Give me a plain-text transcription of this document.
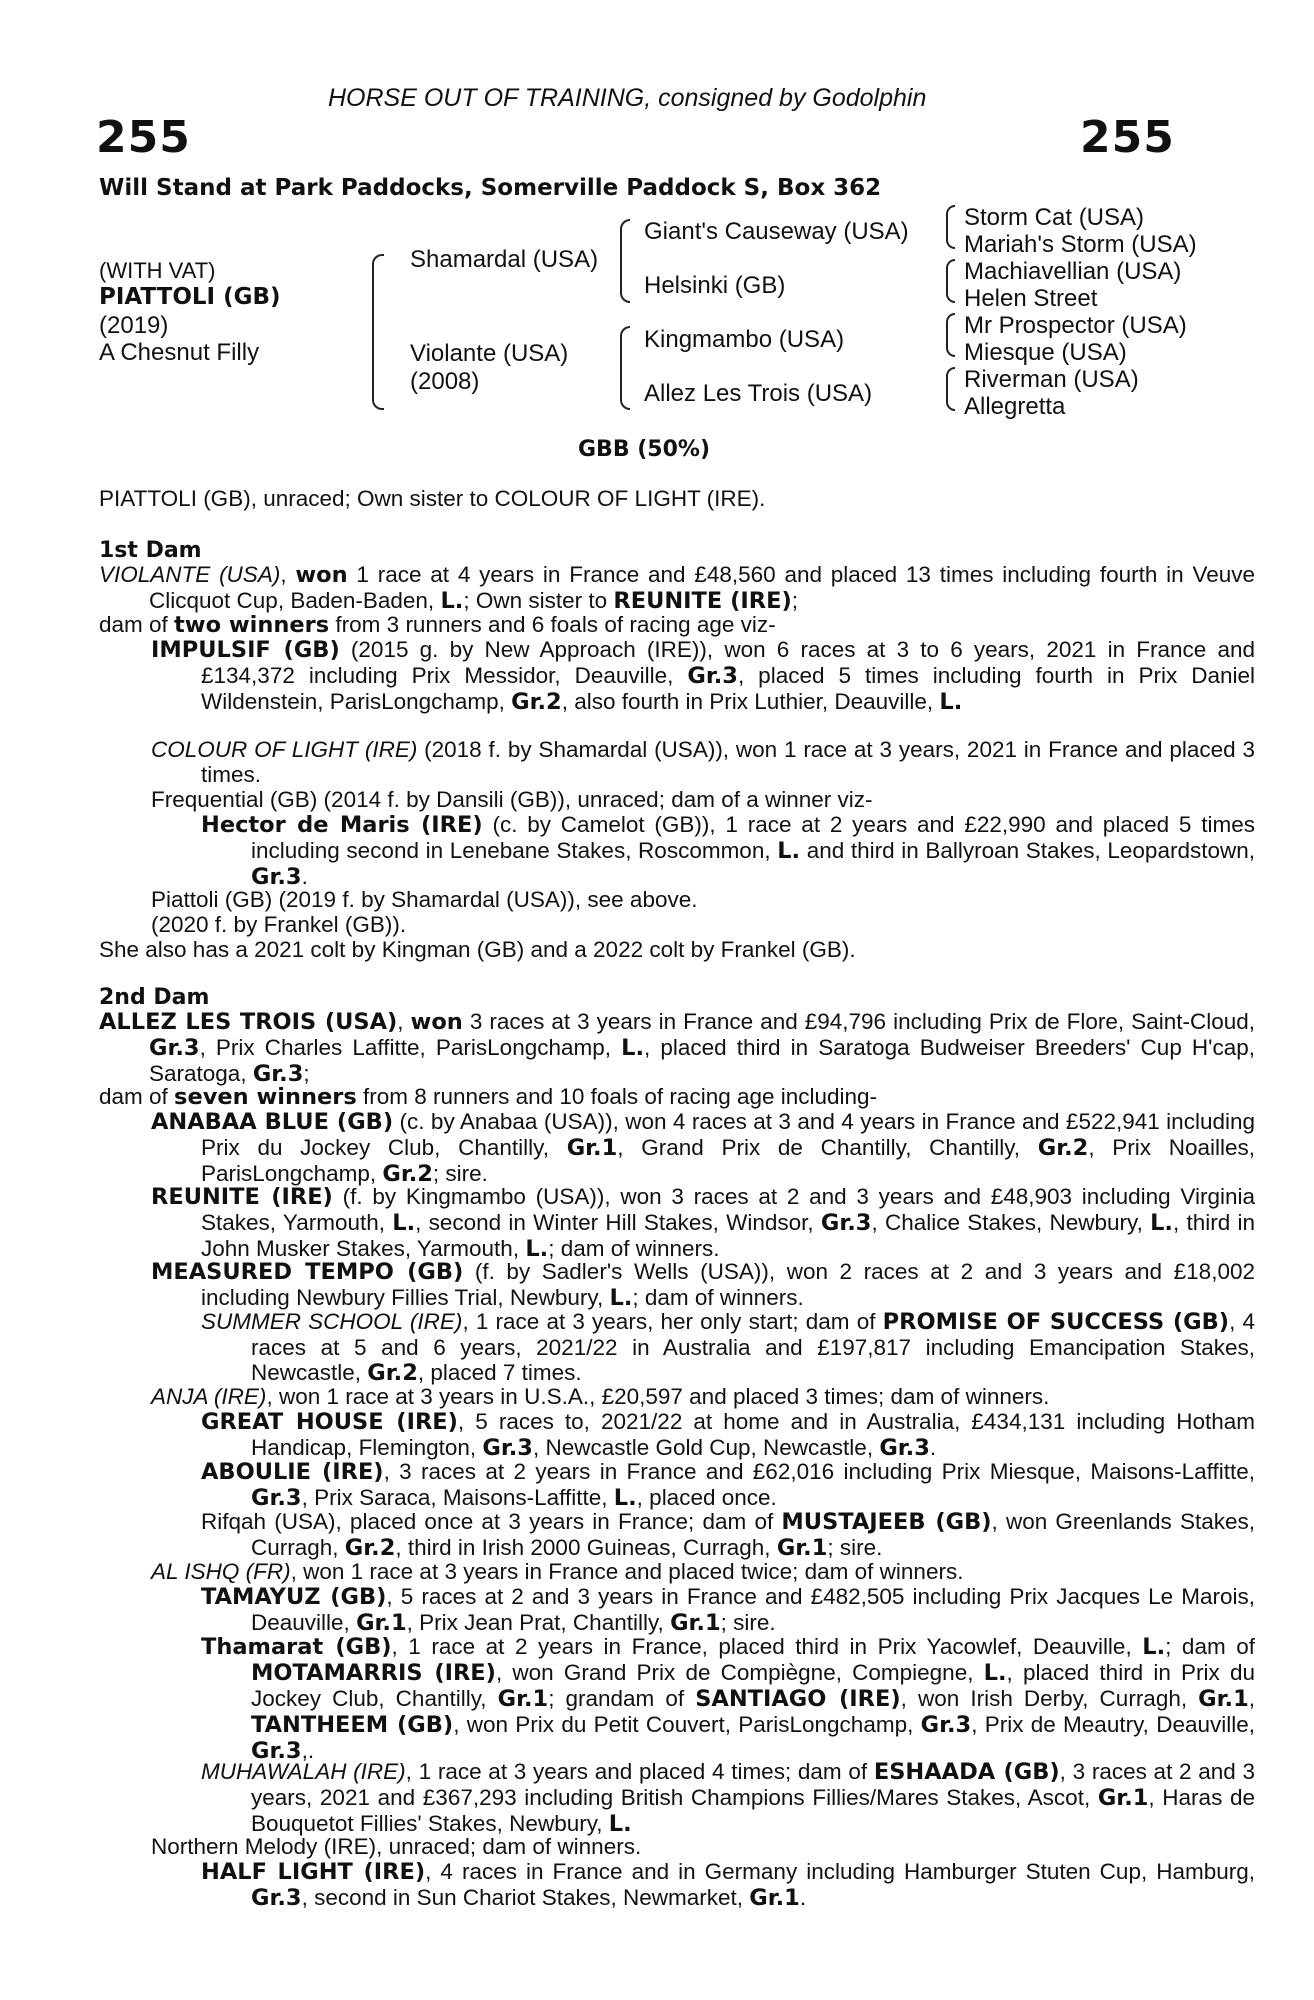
HORSE OUT OF TRAINING, consigned by Godolphin
255	255
Will Stand at Park Paddocks, Somerville Paddock S, Box 362
(WITH VAT)
PIATTOLI (GB)
(2019)
A Chesnut Filly
Shamardal (USA)
Violante (USA)
(2008)
Giant's Causeway (USA)
Helsinki (GB)
Kingmambo (USA)
Allez Les Trois (USA)
Storm Cat (USA)
Mariah's Storm (USA)
Machiavellian (USA)
Helen Street
Mr Prospector (USA)
Miesque (USA)
Riverman (USA)
Allegretta
GBB (50%)
PIATTOLI (GB), unraced; Own sister to COLOUR OF LIGHT (IRE).
1st Dam
VIOLANTE (USA), won 1 race at 4 years in France and £48,560 and placed 13 times including fourth in Veuve Clicquot Cup, Baden-Baden, L.; Own sister to REUNITE (IRE);
dam of two winners from 3 runners and 6 foals of racing age viz-
IMPULSIF (GB) (2015 g. by New Approach (IRE)), won 6 races at 3 to 6 years, 2021 in France and £134,372 including Prix Messidor, Deauville, Gr.3, placed 5 times including fourth in Prix Daniel Wildenstein, ParisLongchamp, Gr.2, also fourth in Prix Luthier, Deauville, L.
COLOUR OF LIGHT (IRE) (2018 f. by Shamardal (USA)), won 1 race at 3 years, 2021 in France and placed 3 times.
Frequential (GB) (2014 f. by Dansili (GB)), unraced; dam of a winner viz-
Hector de Maris (IRE) (c. by Camelot (GB)), 1 race at 2 years and £22,990 and placed 5 times including second in Lenebane Stakes, Roscommon, L. and third in Ballyroan Stakes, Leopardstown, Gr.3.
Piattoli (GB) (2019 f. by Shamardal (USA)), see above.
(2020 f. by Frankel (GB)).
She also has a 2021 colt by Kingman (GB) and a 2022 colt by Frankel (GB).
2nd Dam
ALLEZ LES TROIS (USA), won 3 races at 3 years in France and £94,796 including Prix de Flore, Saint-Cloud, Gr.3, Prix Charles Laffitte, ParisLongchamp, L., placed third in Saratoga Budweiser Breeders' Cup H'cap, Saratoga, Gr.3;
dam of seven winners from 8 runners and 10 foals of racing age including-
ANABAA BLUE (GB) (c. by Anabaa (USA)), won 4 races at 3 and 4 years in France and £522,941 including Prix du Jockey Club, Chantilly, Gr.1, Grand Prix de Chantilly, Chantilly, Gr.2, Prix Noailles, ParisLongchamp, Gr.2; sire.
REUNITE (IRE) (f. by Kingmambo (USA)), won 3 races at 2 and 3 years and £48,903 including Virginia Stakes, Yarmouth, L., second in Winter Hill Stakes, Windsor, Gr.3, Chalice Stakes, Newbury, L., third in John Musker Stakes, Yarmouth, L.; dam of winners.
MEASURED TEMPO (GB) (f. by Sadler's Wells (USA)), won 2 races at 2 and 3 years and £18,002 including Newbury Fillies Trial, Newbury, L.; dam of winners.
SUMMER SCHOOL (IRE), 1 race at 3 years, her only start; dam of PROMISE OF SUCCESS (GB), 4 races at 5 and 6 years, 2021/22 in Australia and £197,817 including Emancipation Stakes, Newcastle, Gr.2, placed 7 times.
ANJA (IRE), won 1 race at 3 years in U.S.A., £20,597 and placed 3 times; dam of winners.
GREAT HOUSE (IRE), 5 races to, 2021/22 at home and in Australia, £434,131 including Hotham Handicap, Flemington, Gr.3, Newcastle Gold Cup, Newcastle, Gr.3.
ABOULIE (IRE), 3 races at 2 years in France and £62,016 including Prix Miesque, Maisons-Laffitte, Gr.3, Prix Saraca, Maisons-Laffitte, L., placed once.
Rifqah (USA), placed once at 3 years in France; dam of MUSTAJEEB (GB), won Greenlands Stakes, Curragh, Gr.2, third in Irish 2000 Guineas, Curragh, Gr.1; sire.
AL ISHQ (FR), won 1 race at 3 years in France and placed twice; dam of winners.
TAMAYUZ (GB), 5 races at 2 and 3 years in France and £482,505 including Prix Jacques Le Marois, Deauville, Gr.1, Prix Jean Prat, Chantilly, Gr.1; sire.
Thamarat (GB), 1 race at 2 years in France, placed third in Prix Yacowlef, Deauville, L.; dam of MOTAMARRIS (IRE), won Grand Prix de Compiègne, Compiegne, L., placed third in Prix du Jockey Club, Chantilly, Gr.1; grandam of SANTIAGO (IRE), won Irish Derby, Curragh, Gr.1, TANTHEEM (GB), won Prix du Petit Couvert, ParisLongchamp, Gr.3, Prix de Meautry, Deauville, Gr.3,.
MUHAWALAH (IRE), 1 race at 3 years and placed 4 times; dam of ESHAADA (GB), 3 races at 2 and 3 years, 2021 and £367,293 including British Champions Fillies/Mares Stakes, Ascot, Gr.1, Haras de Bouquetot Fillies' Stakes, Newbury, L.
Northern Melody (IRE), unraced; dam of winners.
HALF LIGHT (IRE), 4 races in France and in Germany including Hamburger Stuten Cup, Hamburg, Gr.3, second in Sun Chariot Stakes, Newmarket, Gr.1.
